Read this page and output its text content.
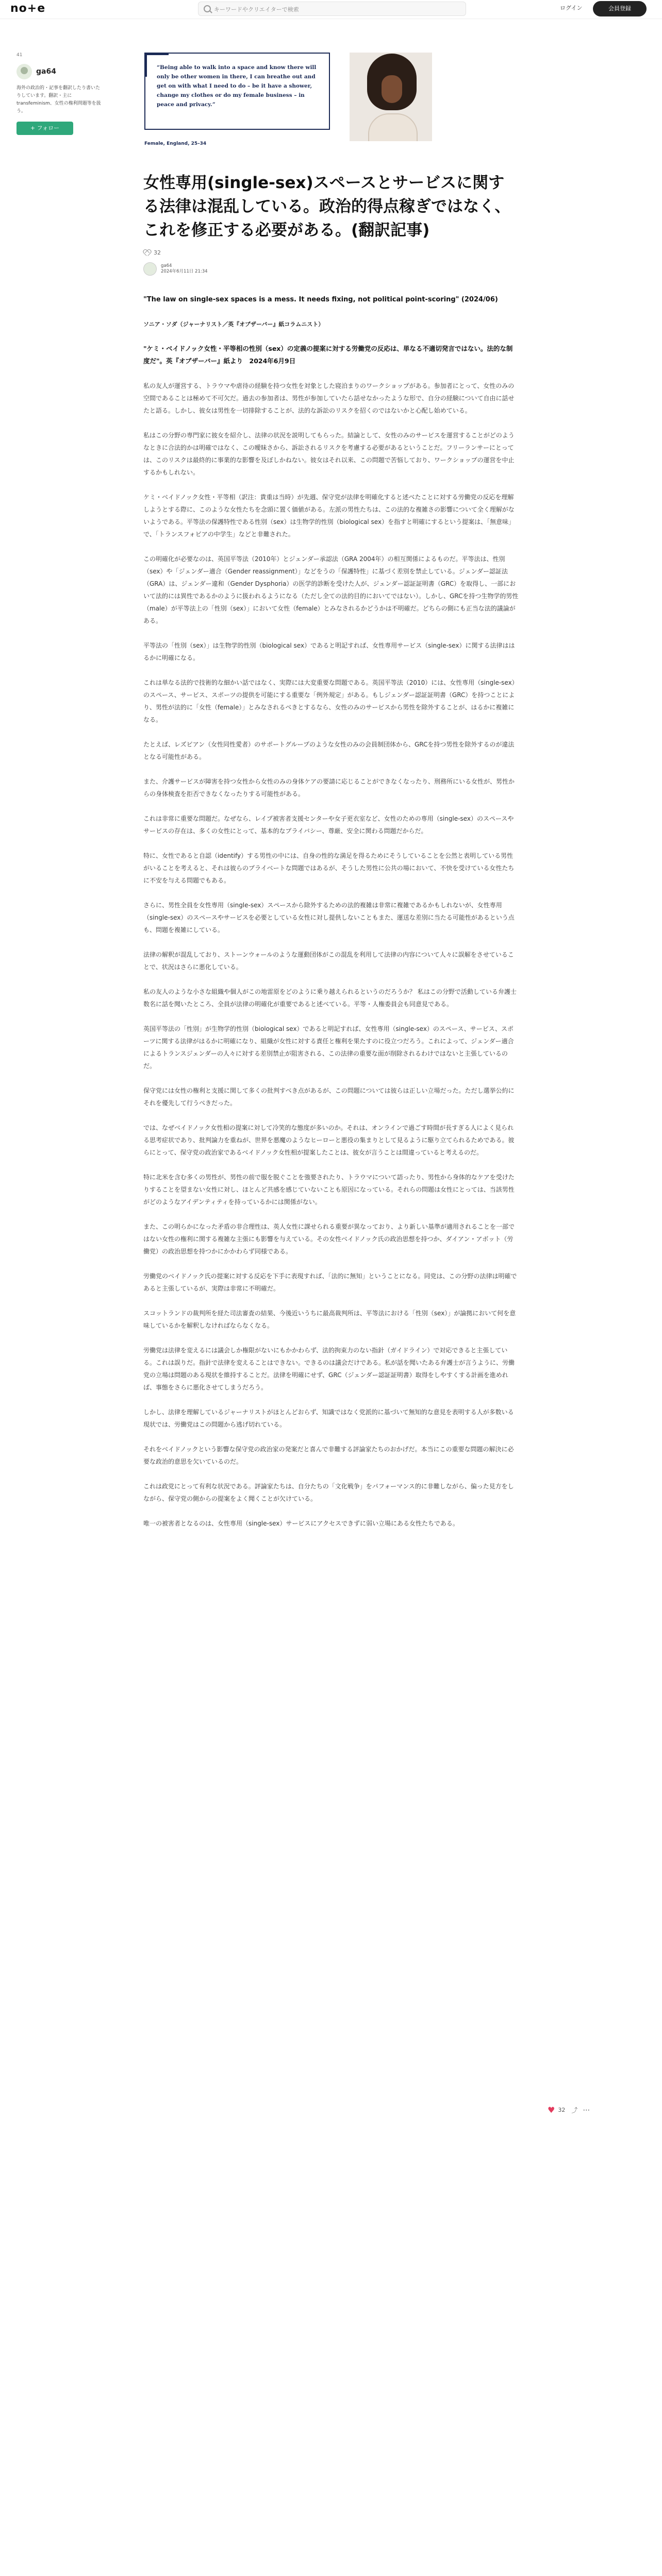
no+e	キーワードやクリエイターで検索	ログイン	会員登録
41
ga64
海外の政治的・記事を翻訳したり書いたりしています。翻訳・主にtransfeminism、女性の権利問題等を扱う。
+ フォロー
“Being able to walk into a space and know there will only be other women in there, I can breathe out and get on with what I need to do – be it have a shower, change my clothes or do my female business – in peace and privacy.”
Female, England, 25–34
女性専用(single-sex)スペースとサービスに関する法律は混乱している。政治的得点稼ぎではなく、これを修正する必要がある。(翻訳記事)
32
ga64
2024年6月11日 21:34

"The law on single-sex spaces is a mess. It needs fixing, not political point-scoring" (2024/06)

ソニア・ソダ（ジャーナリスト／英『オブザーバー』紙コラムニスト）

"ケミ・ベイドノック女性・平等相の性別（sex）の定義の提案に対する労働党の反応は、単なる不適切発言ではない。法的な制度だ"。英『オブザーバー』紙より　2024年6月9日

私の友人が運営する、トラウマや虐待の経験を持つ女性を対象とした寝泊まりのワークショップがある。参加者にとって、女性のみの空間であることは極めて不可欠だ。過去の参加者は、男性が参加していたら話せなかったような形で、自分の経験について自由に話せたと語る。しかし、彼女は男性を一切排除することが、法的な訴訟のリスクを招くのではないかと心配し始めている。

私はこの分野の専門家に彼女を紹介し、法律の状況を説明してもらった。結論として、女性のみのサービスを運営することがどのようなときに合法的かは明確ではなく、この曖昧さから、訴訟されるリスクを考慮する必要があるということだ。フリーランサーにとっては、このリスクは最終的に事業的な影響を及ぼしかねない。彼女はそれ以来、この問題で苦悩しており、ワークショップの運営を中止するかもしれない。

ケミ・ベイドノック女性・平等相（訳注：貴重は当時）が先週、保守党が法律を明確化すると述べたことに対する労働党の反応を理解しようとする際に、このような女性たちを念頭に置く価値がある。左派の男性たちは、この法的な複雑さの影響について全く理解がないようである。平等法の保護特性である性別（sex）は生物学的性別（biological sex）を指すと明確にするという提案は、「無意味」で、「トランスフォビアの中学生」などと非難された。

この明確化が必要なのは、英国平等法（2010年）とジェンダー承認法（GRA 2004年）の相互関係によるものだ。平等法は、性別（sex）や「ジェンダー適合（Gender reassignment）」などをうの「保護特性」に基づく差別を禁止している。ジェンダー認証法（GRA）は、ジェンダー違和（Gender Dysphoria）の医学的診断を受けた人が、ジェンダー認証証明書（GRC）を取得し、一部において法的には異性であるかのように扱われるようになる（ただし全ての法的目的においてではない）。しかし、GRCを持つ生物学的男性（male）が平等法上の「性別（sex）」において女性（female）とみなされるかどうかは不明確だ。どちらの側にも正当な法的議論がある。

平等法の「性別（sex）」は生物学的性別（biological sex）であると明記すれば、女性専用サービス（single-sex）に関する法律ははるかに明確になる。

これは単なる法的で技術的な細かい話ではなく、実際には大変重要な問題である。英国平等法（2010）には、女性専用（single-sex）のスペース、サービス、スポーツの提供を可能にする重要な「例外規定」がある。もしジェンダー認証証明書（GRC）を持つことにより、男性が法的に「女性（female）」とみなされるべきとするなら、女性のみのサービスから男性を除外することが、はるかに複雑になる。

たとえば、レズビアン（女性同性愛者）のサポートグループのような女性のみの会員制団体から、GRCを持つ男性を除外するのが違法となる可能性がある。

また、介護サービスが障害を持つ女性から女性のみの身体ケアの要請に応じることができなくなったり、刑務所にいる女性が、男性からの身体検査を拒否できなくなったりする可能性がある。

これは非常に重要な問題だ。なぜなら、レイプ被害者支援センターや女子更衣室など、女性のための専用（single-sex）のスペースやサービスの存在は、多くの女性にとって、基本的なプライバシー、尊厳、安全に関わる問題だからだ。

特に、女性であると自認（identify）する男性の中には、自身の性的な満足を得るためにそうしていることを公然と表明している男性がいることを考えると、それは彼らのプライベートな問題ではあるが、そうした男性に公共の場において、不快を受けている女性たちに不安を与える問題でもある。

さらに、男性全員を女性専用（single-sex）スペースから除外するための法的複雑は非常に複雑であるかもしれないが、女性専用（single-sex）のスペースやサービスを必要としている女性に対し提供しないこともまた、運送な差別に当たる可能性があるという点も、問題を複雑にしている。

法律の解釈が混乱しており、ストーンウォールのような運動団体がこの混乱を利用して法律の内容について人々に誤解をさせていることで、状況はさらに悪化している。

私の友人のような小さな組織や個人がこの地雷原をどのように乗り越えられるというのだろうか？ 私はこの分野で活動している弁護士数名に話を聞いたところ、全員が法律の明確化が重要であると述べている。平等・人権委員会も同意見である。

英国平等法の「性別」が生物学的性別（biological sex）であると明記すれば、女性専用（single-sex）のスペース、サービス、スポーツに関する法律がはるかに明確になり、組織が女性に対する責任と権利を果たすのに役立つだろう。これによって、ジェンダー適合によるトランスジェンダーの人々に対する差別禁止が阻害される、この法律の重要な面が削除されるわけではないと主張しているのだ。

保守党には女性の権利と支援に関して多くの批判すべき点があるが、この問題については彼らは正しい立場だった。ただし選挙公約にそれを優先して行うべきだった。

では、なぜベイドノック女性相の提案に対して冷笑的な態度が多いのか。それは、オンラインで過ごす時間が長すぎる人によく見られる思考症状であり、批判論力を重ねが、世界を悪魔のようなヒーローと悪役の集まりとして見るように駆り立てられるためである。彼らにとって、保守党の政治家であるベイドノック女性相が提案したことは、彼女が言うことは間違っていると考えるのだ。

特に北米を含む多くの男性が、男性の前で服を脱ぐことを強要されたり、トラウマについて語ったり、男性から身体的なケアを受けたりすることを望まない女性に対し、ほとんど共感を感じていないことも原因になっている。それらの問題は女性にとっては、当該男性がどのようなアイデンティティを持っているかには関係がない。

また、この明らかになった矛盾の非合理性は、英人女性に課せられる重要が異なっており、より新しい基準が適用されることを一部ではない女性の権利に関する複雑な主張にも影響を与えている。その女性ベイドノック氏の政治思想を持つか、ダイアン・アボット（労働党）の政治思想を持つかにかかわらず同様である。

労働党のベイドノック氏の提案に対する反応を下手に表現すれば、「法的に無知」ということになる。同党は、この分野の法律は明確であると主張しているが、実際は非常に不明確だ。

スコットランドの裁判所を経た司法審査の結果、今後近いうちに最高裁判所は、平等法における「性別（sex）」が論拠において何を意味しているかを解釈しなければならなくなる。

労働党は法律を変えるには議会しか権限がないにもかかわらず、法的拘束力のない指針（ガイドライン）で対応できると主張している。これは誤りだ。指針で法律を変えることはできない。できるのは議会だけである。私が話を聞いたある弁護士が言うように、労働党の立場は問題のある現状を維持することだ。法律を明確にせず、GRC（ジェンダー認証証明書）取得をしやすくする計画を進めれば、事態をさらに悪化させてしまうだろう。

しかし、法律を理解しているジャーナリストがほとんどおらず、知識ではなく党派的に基づいて無知的な意見を表明する人が多数いる現状では、労働党はこの問題から逃げ切れている。

それをベイドノックという影響な保守党の政治家の発案だと喜んで非難する評論家たちのおかげだ。本当にこの重要な問題の解決に必要な政治的意思を欠いているのだ。

これは政党にとって有利な状況である。評論家たちは、自分たちの「文化戦争」をパフォーマンス的に非難しながら、偏った見方をしながら、保守党の側からの提案をよく聞くことが欠けている。

唯一の被害者となるのは、女性専用（single-sex）サービスにアクセスできずに弱い立場にある女性たちである。

♥ 32 ⤴ ⋯
